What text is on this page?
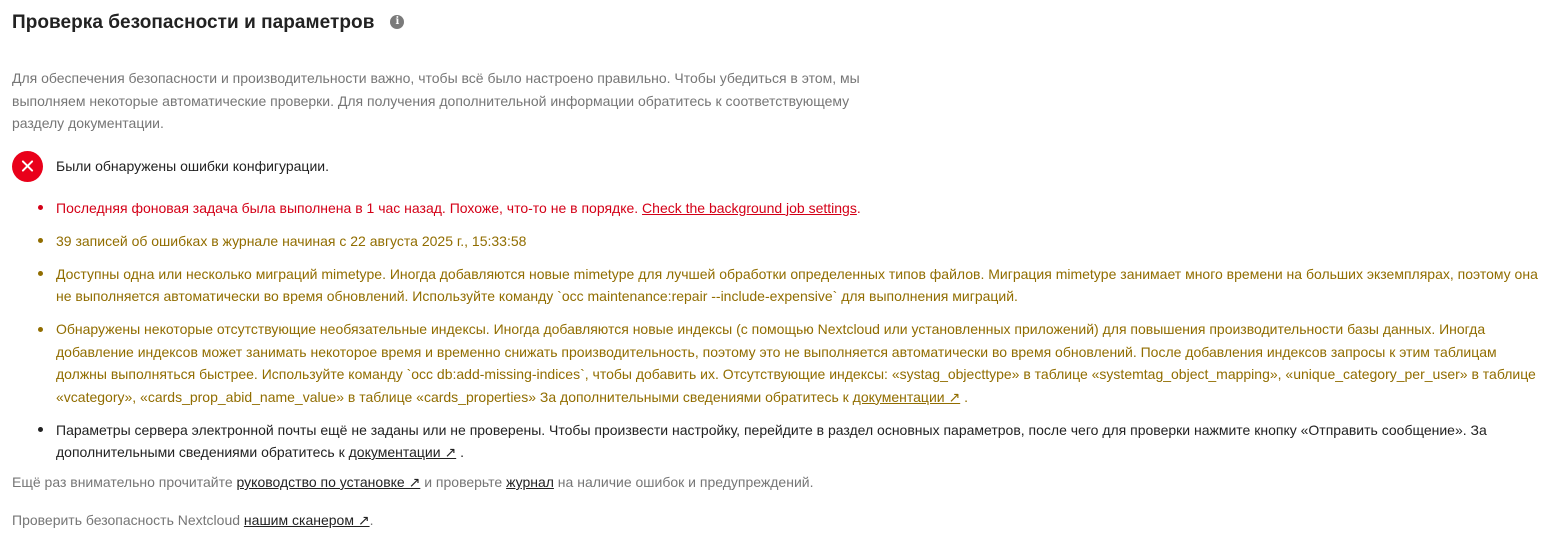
Проверка безопасности и параметров	i
Для обеспечения безопасности и производительности важно, чтобы всё было настроено правильно. Чтобы убедиться в этом, мы выполняем некоторые автоматические проверки. Для получения дополнительной информации обратитесь к соответствующему разделу документации.
Были обнаружены ошибки конфигурации.
Последняя фоновая задача была выполнена в 1 час назад. Похоже, что-то не в порядке. Check the background job settings.
39 записей об ошибках в журнале начиная с 22 августа 2025 г., 15:33:58
Доступны одна или несколько миграций mimetype. Иногда добавляются новые mimetype для лучшей обработки определенных типов файлов. Миграция mimetype занимает много времени на больших экземплярах, поэтому она не выполняется автоматически во время обновлений. Используйте команду `occ maintenance:repair --include-expensive` для выполнения миграций.
Обнаружены некоторые отсутствующие необязательные индексы. Иногда добавляются новые индексы (с помощью Nextcloud или установленных приложений) для повышения производительности базы данных. Иногда добавление индексов может занимать некоторое время и временно снижать производительность, поэтому это не выполняется автоматически во время обновлений. После добавления индексов запросы к этим таблицам должны выполняться быстрее. Используйте команду `occ db:add-missing-indices`, чтобы добавить их. Отсутствующие индексы: «systag_objecttype» в таблице «systemtag_object_mapping», «unique_category_per_user» в таблице «vcategory», «cards_prop_abid_name_value» в таблице «cards_properties» За дополнительными сведениями обратитесь к документации ↗ .
Параметры сервера электронной почты ещё не заданы или не проверены. Чтобы произвести настройку, перейдите в раздел основных параметров, после чего для проверки нажмите кнопку «Отправить сообщение». За дополнительными сведениями обратитесь к документации ↗ .
Ещё раз внимательно прочитайте руководство по установке ↗ и проверьте журнал на наличие ошибок и предупреждений.
Проверить безопасность Nextcloud нашим сканером ↗.
